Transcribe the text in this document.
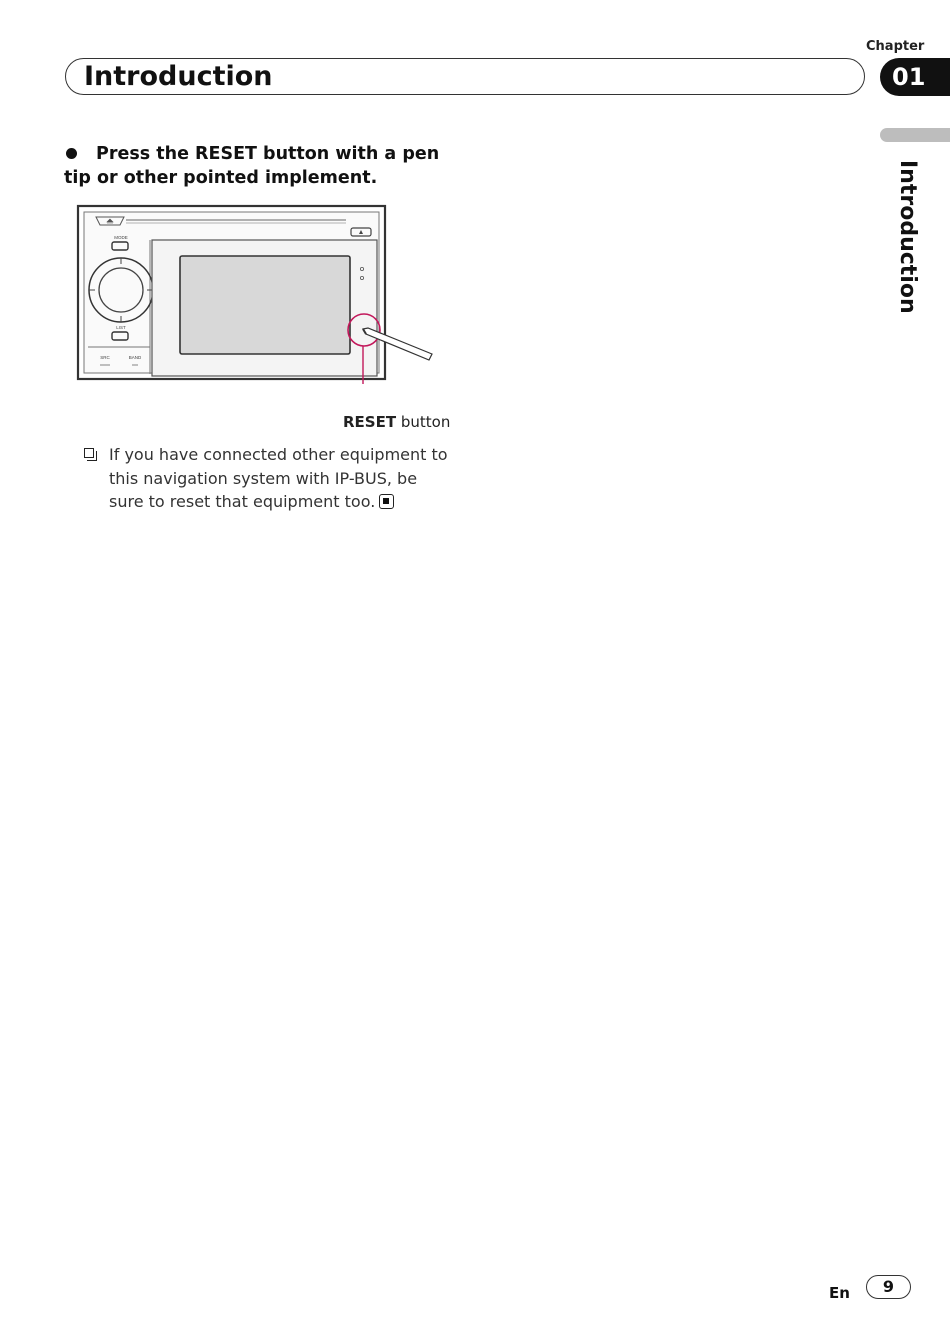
Introduction
Chapter
01
Introduction
Press the RESET button with a pen tip or other pointed implement.
MODE
LIST
SRC	BAND
RESET button
If you have connected other equipment to this navigation system with IP-BUS, be sure to reset that equipment too.
En	9
